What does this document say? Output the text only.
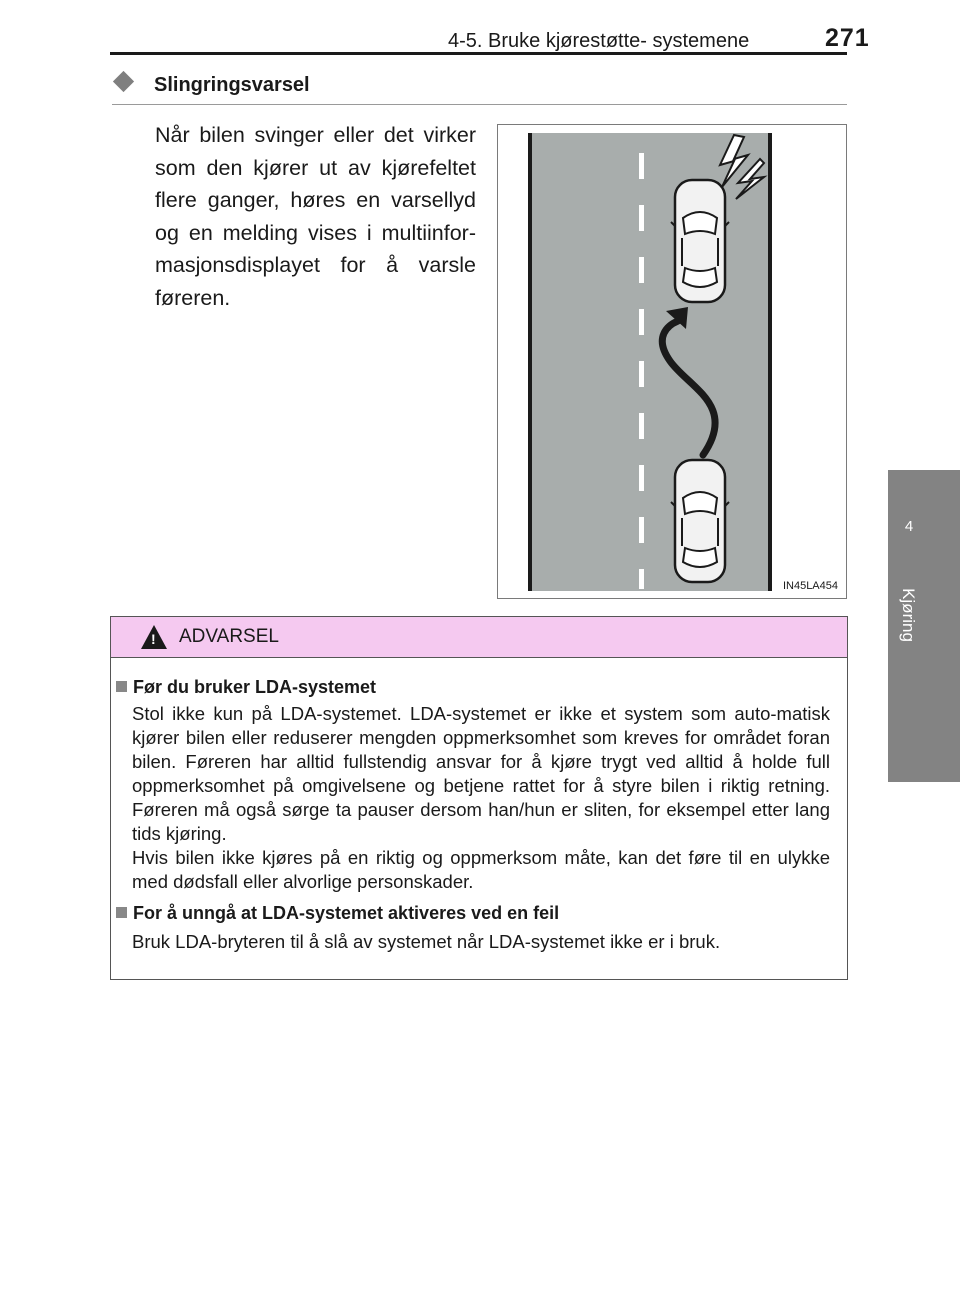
4-5. Bruke kjørestøtte- systemene	271
4
Kjøring
Slingringsvarsel
Når bilen svinger eller det virker som den kjører ut av kjørefeltet flere ganger, høres en varsellyd og en melding vises i multiinfor-masjonsdisplayet for å varsle føreren.
IN45LA454
!
ADVARSEL
Før du bruker LDA-systemet
Stol ikke kun på LDA-systemet. LDA-systemet er ikke et system som auto-matisk kjører bilen eller reduserer mengden oppmerksomhet som kreves for området foran bilen. Føreren har alltid fullstendig ansvar for å kjøre trygt ved alltid å holde full oppmerksomhet på omgivelsene og betjene rattet for å styre bilen i riktig retning. Føreren må også sørge ta pauser dersom han/hun er sliten, for eksempel etter lang tids kjøring.
Hvis bilen ikke kjøres på en riktig og oppmerksom måte, kan det føre til en ulykke med dødsfall eller alvorlige personskader.
For å unngå at LDA-systemet aktiveres ved en feil
Bruk LDA-bryteren til å slå av systemet når LDA-systemet ikke er i bruk.
